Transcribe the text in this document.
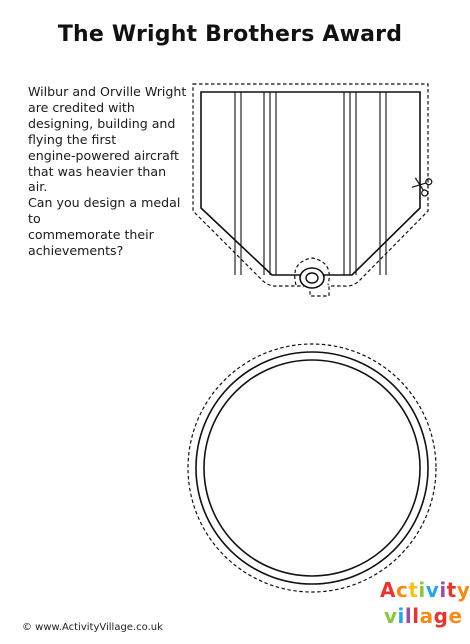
The Wright Brothers Award
Wilbur and Orville Wright
are credited with
designing, building and
flying the first
engine-powered aircraft
that was heavier than air.
Can you design a medal to
commemorate their
achievements?
© www.ActivityVillage.co.uk
Activity
village
